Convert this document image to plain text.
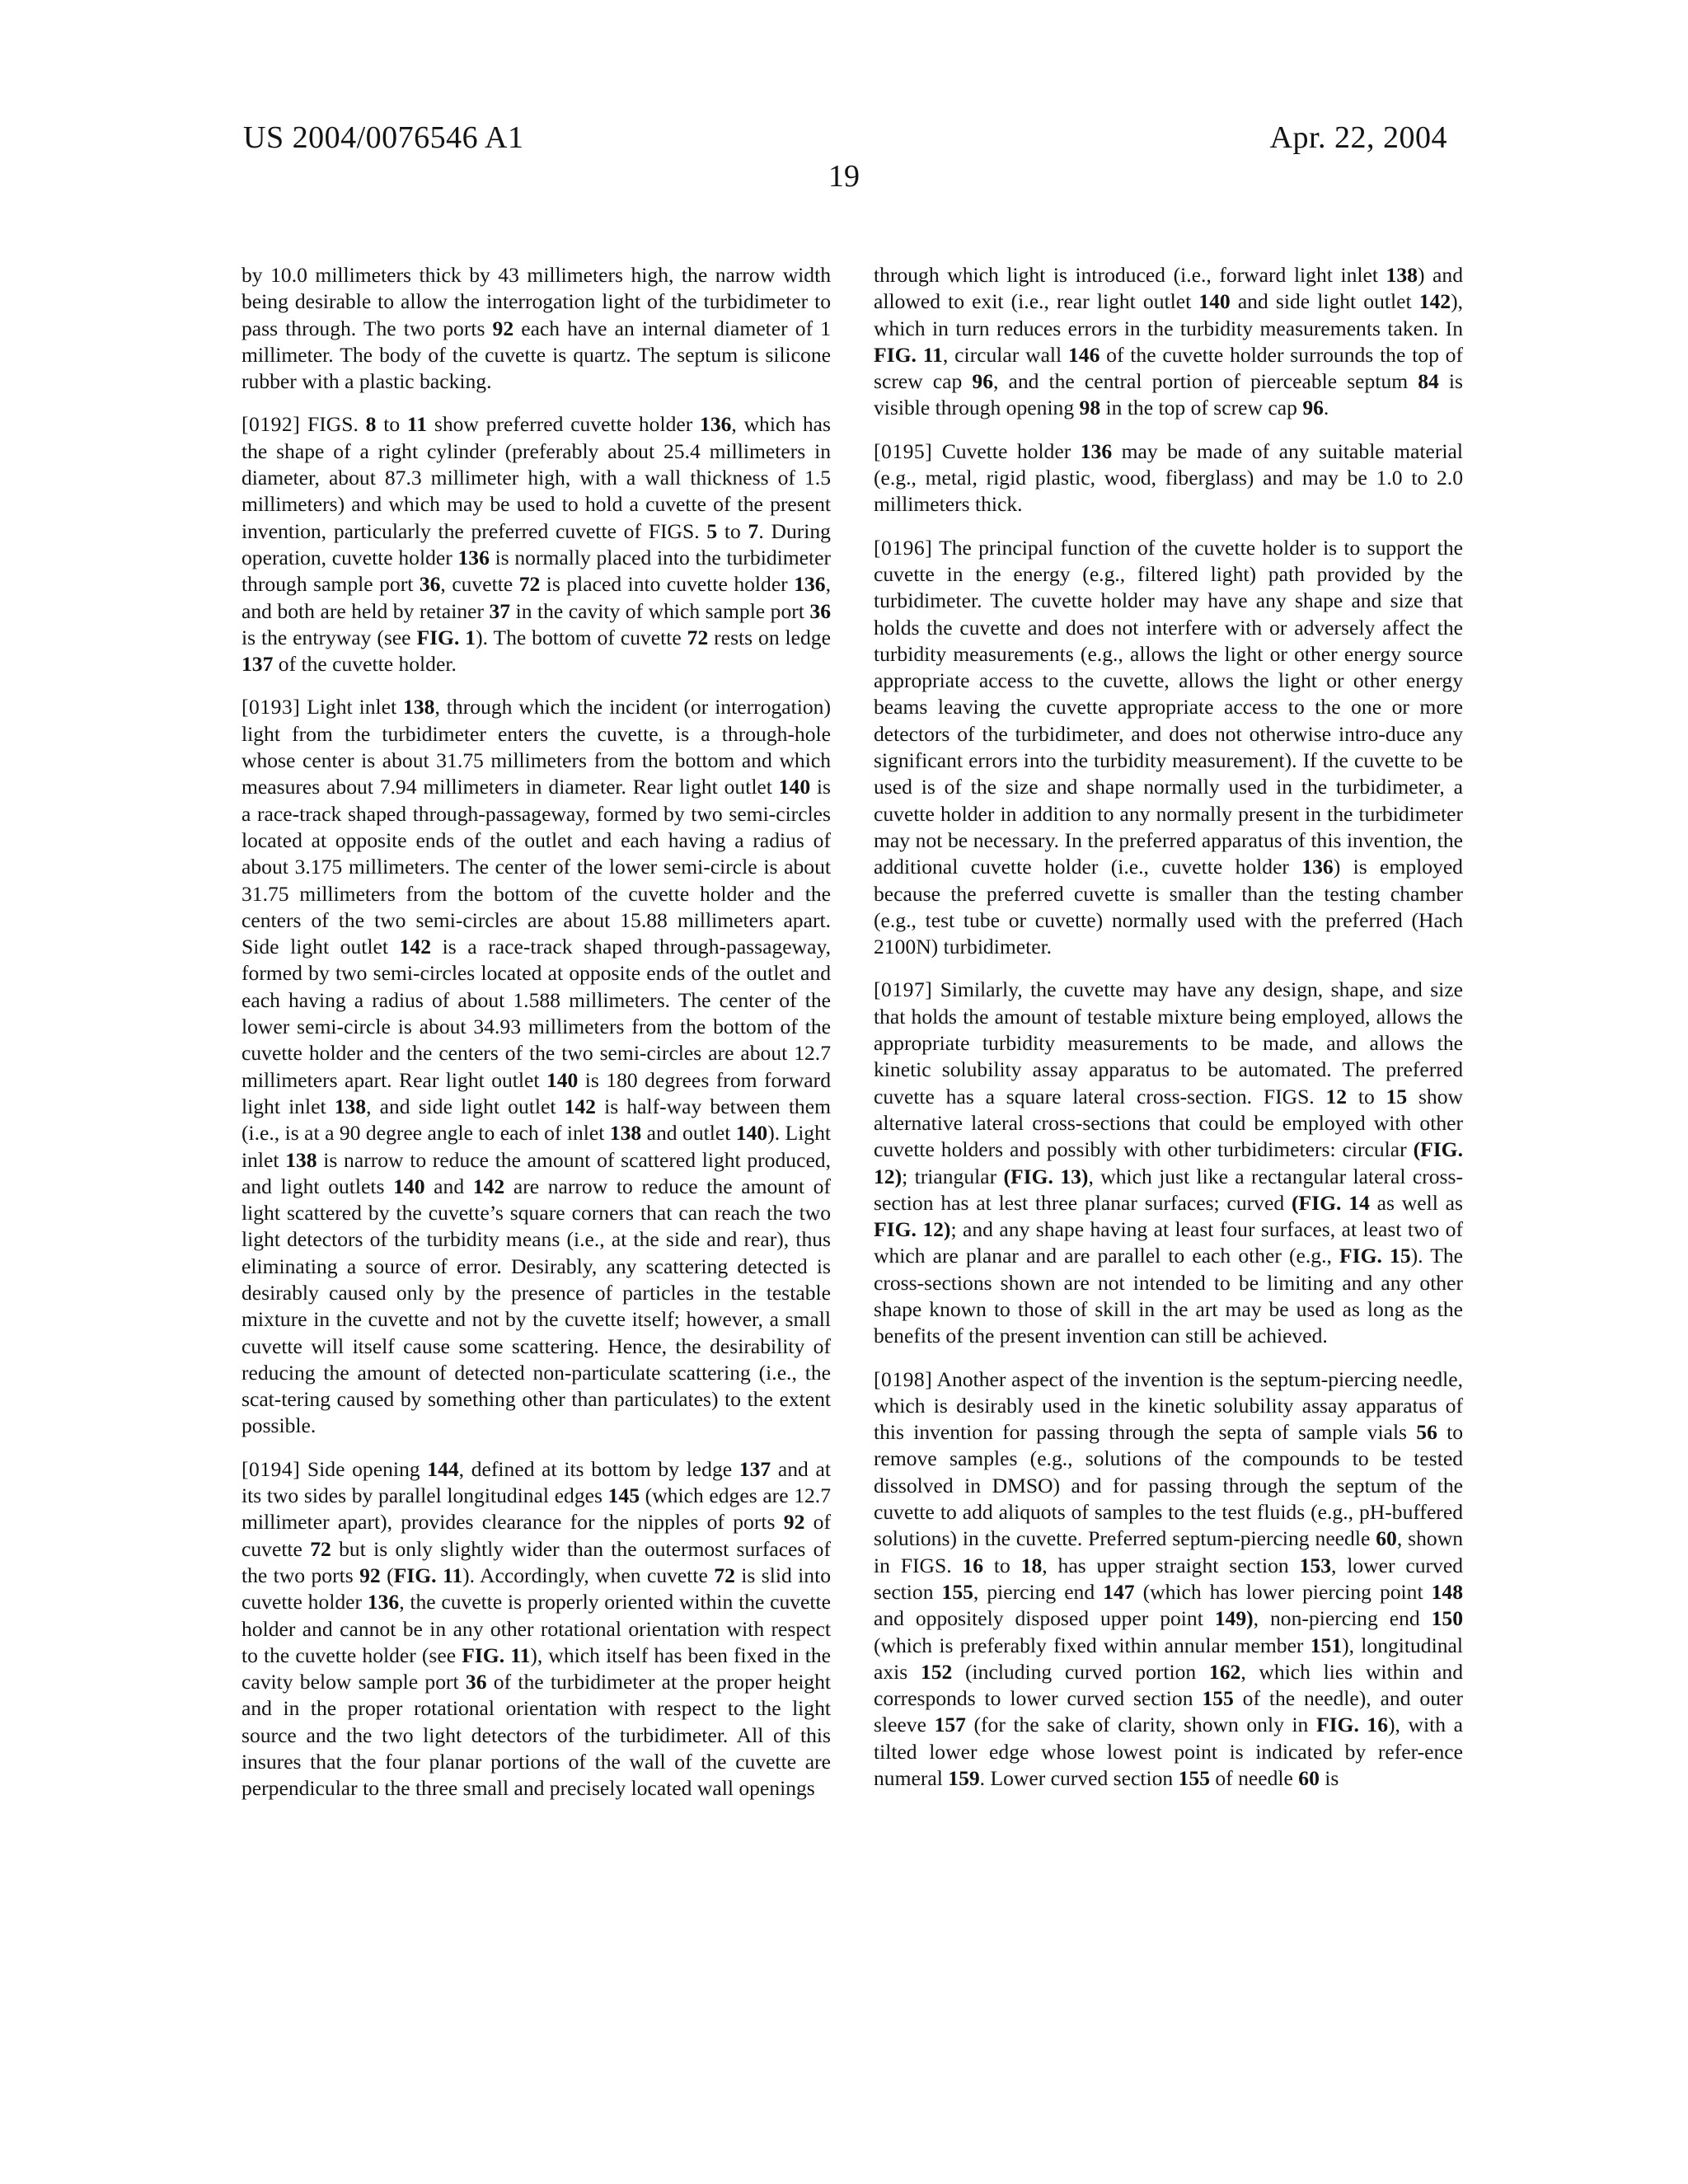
US 2004/0076546 A1	Apr. 22, 2004
19

by 10.0 millimeters thick by 43 millimeters high, the narrow width being desirable to allow the interrogation light of the turbidimeter to pass through. The two ports 92 each have an internal diameter of 1 millimeter. The body of the cuvette is quartz. The septum is silicone rubber with a plastic backing.

[0192] FIGS. 8 to 11 show preferred cuvette holder 136, which has the shape of a right cylinder (preferably about 25.4 millimeters in diameter, about 87.3 millimeter high, with a wall thickness of 1.5 millimeters) and which may be used to hold a cuvette of the present invention, particularly the preferred cuvette of FIGS. 5 to 7. During operation, cuvette holder 136 is normally placed into the turbidimeter through sample port 36, cuvette 72 is placed into cuvette holder 136, and both are held by retainer 37 in the cavity of which sample port 36 is the entryway (see FIG. 1). The bottom of cuvette 72 rests on ledge 137 of the cuvette holder.

[0193] Light inlet 138, through which the incident (or interrogation) light from the turbidimeter enters the cuvette, is a through-hole whose center is about 31.75 millimeters from the bottom and which measures about 7.94 millimeters in diameter. Rear light outlet 140 is a race-track shaped through-passageway, formed by two semi-circles located at opposite ends of the outlet and each having a radius of about 3.175 millimeters. The center of the lower semi-circle is about 31.75 millimeters from the bottom of the cuvette holder and the centers of the two semi-circles are about 15.88 millimeters apart. Side light outlet 142 is a race-track shaped through-passageway, formed by two semi-circles located at opposite ends of the outlet and each having a radius of about 1.588 millimeters. The center of the lower semi-circle is about 34.93 millimeters from the bottom of the cuvette holder and the centers of the two semi-circles are about 12.7 millimeters apart. Rear light outlet 140 is 180 degrees from forward light inlet 138, and side light outlet 142 is half-way between them (i.e., is at a 90 degree angle to each of inlet 138 and outlet 140). Light inlet 138 is narrow to reduce the amount of scattered light produced, and light outlets 140 and 142 are narrow to reduce the amount of light scattered by the cuvette’s square corners that can reach the two light detectors of the turbidity means (i.e., at the side and rear), thus eliminating a source of error. Desirably, any scattering detected is desirably caused only by the presence of particles in the testable mixture in the cuvette and not by the cuvette itself; however, a small cuvette will itself cause some scattering. Hence, the desirability of reducing the amount of detected non-particulate scattering (i.e., the scat-tering caused by something other than particulates) to the extent possible.

[0194] Side opening 144, defined at its bottom by ledge 137 and at its two sides by parallel longitudinal edges 145 (which edges are 12.7 millimeter apart), provides clearance for the nipples of ports 92 of cuvette 72 but is only slightly wider than the outermost surfaces of the two ports 92 (FIG. 11). Accordingly, when cuvette 72 is slid into cuvette holder 136, the cuvette is properly oriented within the cuvette holder and cannot be in any other rotational orientation with respect to the cuvette holder (see FIG. 11), which itself has been fixed in the cavity below sample port 36 of the turbidimeter at the proper height and in the proper rotational orientation with respect to the light source and the two light detectors of the turbidimeter. All of this insures that the four planar portions of the wall of the cuvette are perpendicular to the three small and precisely located wall openings

through which light is introduced (i.e., forward light inlet 138) and allowed to exit (i.e., rear light outlet 140 and side light outlet 142), which in turn reduces errors in the turbidity measurements taken. In FIG. 11, circular wall 146 of the cuvette holder surrounds the top of screw cap 96, and the central portion of pierceable septum 84 is visible through opening 98 in the top of screw cap 96.

[0195] Cuvette holder 136 may be made of any suitable material (e.g., metal, rigid plastic, wood, fiberglass) and may be 1.0 to 2.0 millimeters thick.

[0196] The principal function of the cuvette holder is to support the cuvette in the energy (e.g., filtered light) path provided by the turbidimeter. The cuvette holder may have any shape and size that holds the cuvette and does not interfere with or adversely affect the turbidity measurements (e.g., allows the light or other energy source appropriate access to the cuvette, allows the light or other energy beams leaving the cuvette appropriate access to the one or more detectors of the turbidimeter, and does not otherwise intro-duce any significant errors into the turbidity measurement). If the cuvette to be used is of the size and shape normally used in the turbidimeter, a cuvette holder in addition to any normally present in the turbidimeter may not be necessary. In the preferred apparatus of this invention, the additional cuvette holder (i.e., cuvette holder 136) is employed because the preferred cuvette is smaller than the testing chamber (e.g., test tube or cuvette) normally used with the preferred (Hach 2100N) turbidimeter.

[0197] Similarly, the cuvette may have any design, shape, and size that holds the amount of testable mixture being employed, allows the appropriate turbidity measurements to be made, and allows the kinetic solubility assay apparatus to be automated. The preferred cuvette has a square lateral cross-section. FIGS. 12 to 15 show alternative lateral cross-sections that could be employed with other cuvette holders and possibly with other turbidimeters: circular (FIG. 12); triangular (FIG. 13), which just like a rectangular lateral cross-section has at lest three planar surfaces; curved (FIG. 14 as well as FIG. 12); and any shape having at least four surfaces, at least two of which are planar and are parallel to each other (e.g., FIG. 15). The cross-sections shown are not intended to be limiting and any other shape known to those of skill in the art may be used as long as the benefits of the present invention can still be achieved.

[0198] Another aspect of the invention is the septum-piercing needle, which is desirably used in the kinetic solubility assay apparatus of this invention for passing through the septa of sample vials 56 to remove samples (e.g., solutions of the compounds to be tested dissolved in DMSO) and for passing through the septum of the cuvette to add aliquots of samples to the test fluids (e.g., pH-buffered solutions) in the cuvette. Preferred septum-piercing needle 60, shown in FIGS. 16 to 18, has upper straight section 153, lower curved section 155, piercing end 147 (which has lower piercing point 148 and oppositely disposed upper point 149), non-piercing end 150 (which is preferably fixed within annular member 151), longitudinal axis 152 (including curved portion 162, which lies within and corresponds to lower curved section 155 of the needle), and outer sleeve 157 (for the sake of clarity, shown only in FIG. 16), with a tilted lower edge whose lowest point is indicated by refer-ence numeral 159. Lower curved section 155 of needle 60 is
